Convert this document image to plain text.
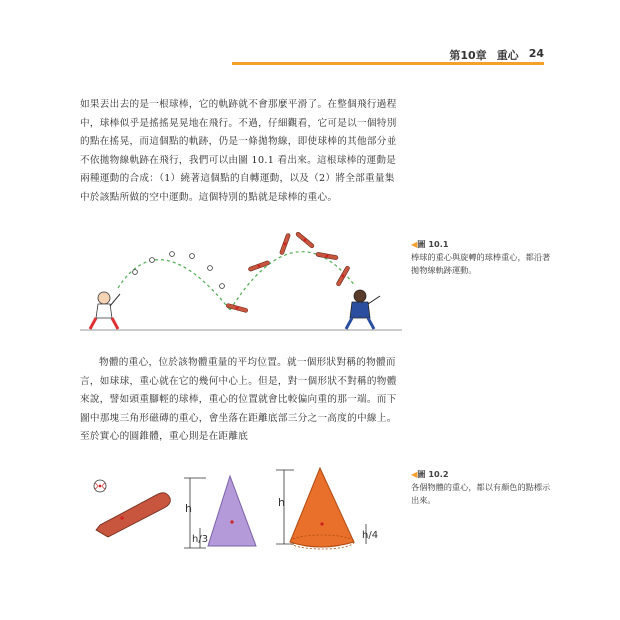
第10章 重心 24

如果丟出去的是一根球棒，它的軌跡就不會那麼平滑了。在整個飛行過程中，球棒似乎是搖搖晃晃地在飛行。不過，仔細觀看，它可是以一個特別的點在搖晃，而這個點的軌跡，仍是一條拋物線，即使球棒的其他部分並不依拋物線軌跡在飛行，我們可以由圖 10.1 看出來。這根球棒的運動是兩種運動的合成：（1）繞著這個點的自轉運動，以及（2）將全部重量集中於該點所做的空中運動。這個特別的點就是球棒的重心。

◀圖 10.1
棒球的重心與旋轉的球棒重心，都沿著拋物線軌跡運動。

物體的重心，位於該物體重量的平均位置。就一個形狀對稱的物體而言，如球球，重心就在它的幾何中心上。但是，對一個形狀不對稱的物體來說，譬如頭重腳輕的球棒，重心的位置就會比較偏向重的那一端。而下圖中那塊三角形磁磚的重心，會坐落在距離底部三分之一高度的中線上。至於實心的圓錐體，重心則是在距離底

h
h/3
h
h/4
◀圖 10.2
各個物體的重心，都以有顏色的點標示出來。
